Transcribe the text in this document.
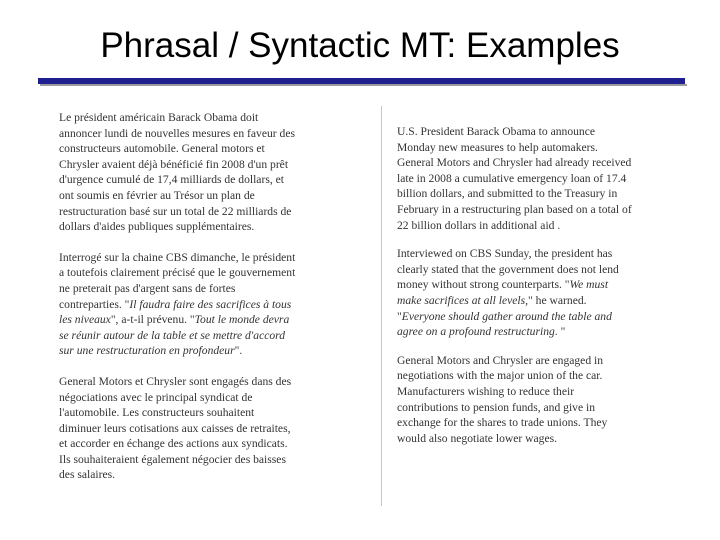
Phrasal / Syntactic MT: Examples
Le président américain Barack Obama doit
annoncer lundi de nouvelles mesures en faveur des
constructeurs automobile. General motors et
Chrysler avaient déjà bénéficié fin 2008 d'un prêt
d'urgence cumulé de 17,4 milliards de dollars, et
ont soumis en février au Trésor un plan de
restructuration basé sur un total de 22 milliards de
dollars d'aides publiques supplémentaires.
Interrogé sur la chaine CBS dimanche, le président
a toutefois clairement précisé que le gouvernement
ne preterait pas d'argent sans de fortes
contreparties. "Il faudra faire des sacrifices à tous
les niveaux", a-t-il prévenu. "Tout le monde devra
se réunir autour de la table et se mettre d'accord
sur une restructuration en profondeur".
General Motors et Chrysler sont engagés dans des
négociations avec le principal syndicat de
l'automobile. Les constructeurs souhaitent
diminuer leurs cotisations aux caisses de retraites,
et accorder en échange des actions aux syndicats.
Ils souhaiteraient également négocier des baisses
des salaires.
U.S. President Barack Obama to announce
Monday new measures to help automakers.
General Motors and Chrysler had already received
late in 2008 a cumulative emergency loan of 17.4
billion dollars, and submitted to the Treasury in
February in a restructuring plan based on a total of
22 billion dollars in additional aid .
Interviewed on CBS Sunday, the president has
clearly stated that the government does not lend
money without strong counterparts. "We must
make sacrifices at all levels," he warned.
"Everyone should gather around the table and
agree on a profound restructuring. "
General Motors and Chrysler are engaged in
negotiations with the major union of the car.
Manufacturers wishing to reduce their
contributions to pension funds, and give in
exchange for the shares to trade unions. They
would also negotiate lower wages.
